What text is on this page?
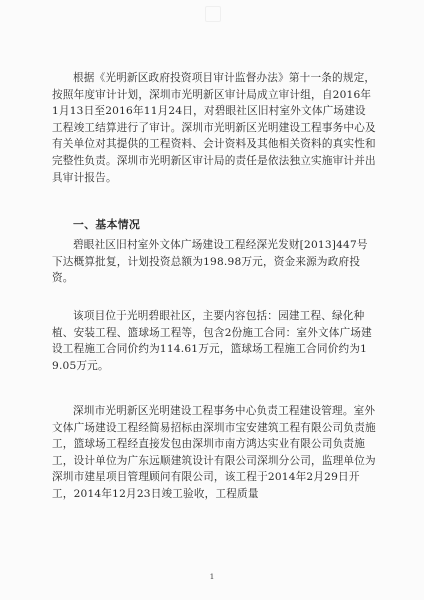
根据《光明新区政府投资项目审计监督办法》第十一条的规定，按照年度审计计划，深圳市光明新区审计局成立审计组，自2016年1月13日至2016年11月24日，对碧眼社区旧村室外文体广场建设工程竣工结算进行了审计。深圳市光明新区光明建设工程事务中心及有关单位对其提供的工程资料、会计资料及其他相关资料的真实性和完整性负责。深圳市光明新区审计局的责任是依法独立实施审计并出具审计报告。

一、基本情况

碧眼社区旧村室外文体广场建设工程经深光发财[2013]447号下达概算批复，计划投资总额为198.98万元，资金来源为政府投资。

该项目位于光明碧眼社区，主要内容包括：园建工程、绿化种植、安装工程、篮球场工程等，包含2份施工合同：室外文体广场建设工程施工合同价约为114.61万元，篮球场工程施工合同价约为19.05万元。

深圳市光明新区光明建设工程事务中心负责工程建设管理。室外文体广场建设工程经简易招标由深圳市宝安建筑工程有限公司负责施工，篮球场工程经直接发包由深圳市南方鸿达实业有限公司负责施工，设计单位为广东远顺建筑设计有限公司深圳分公司，监理单位为深圳市建星项目管理顾问有限公司，该工程于2014年2月29日开工，2014年12月23日竣工验收，工程质量

1
